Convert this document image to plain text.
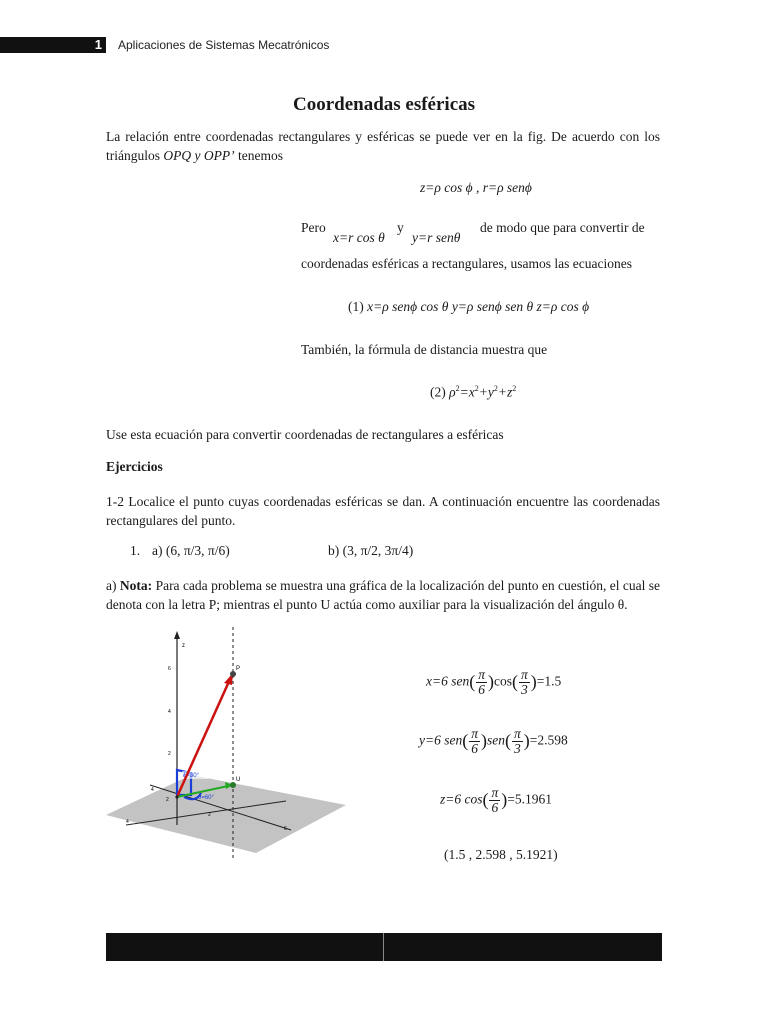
1 Aplicaciones de Sistemas Mecatrónicos
Coordenadas esféricas

La relación entre coordenadas rectangulares y esféricas se puede ver en la fig. De acuerdo con los triángulos OPQ y OPP’ tenemos

z=ρ cos ϕ , r=ρ senϕ
Pero
x=r cos θ
y
y=r senθ
de modo que para convertir de
coordenadas esféricas a rectangulares, usamos las ecuaciones
(1) x=ρ senϕ cos θ y=ρ senϕ sen θ z=ρ cos ϕ
También, la fórmula de distancia muestra que
(2) $\rho^2=x^2+y^2+z^2$
Use esta ecuación para convertir coordenadas de rectangulares a esféricas
Ejercicios

1-2 Localice el punto cuyas coordenadas esféricas se dan. A continuación encuentre las coordenadas rectangulares del punto.

1. a) (6, π/3, π/6)	b) (3, π/2, 3π/4)

a) Nota: Para cada problema se muestra una gráfica de la localización del punto en cuestión, el cual se denota con la letra P; mientras el punto U actúa como auxiliar para la visualización del ángulo θ.

6
4
2
z
2
4
2
4
6
ϕ=30°
θ=60°
P
U
x=6 $sen( \frac{\pi}{6} )\cos( \frac{\pi}{3} )=1.5$
y=6 $sen( \frac{\pi}{6} )sen( \frac{\pi}{3} )=2.598$
z=6 $\cos( \frac{\pi}{6} )=5.1961$
(1.5 , 2.598 , 5.1921)
